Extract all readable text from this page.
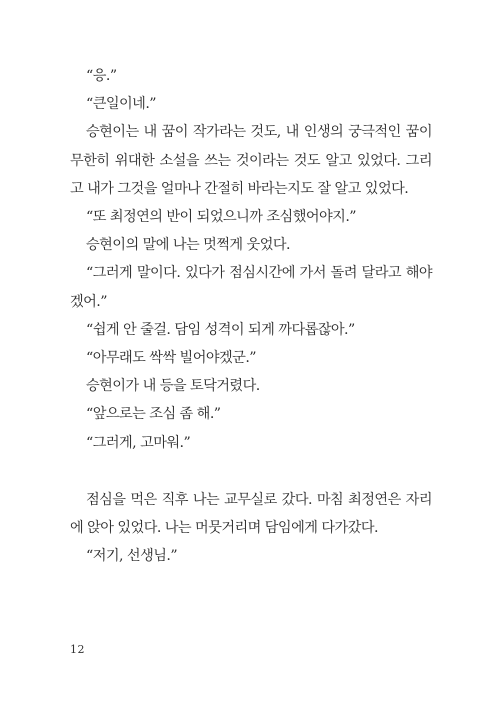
“응.”

“큰일이네.”

승현이는 내 꿈이 작가라는 것도, 내 인생의 궁극적인 꿈이 무한히 위대한 소설을 쓰는 것이라는 것도 알고 있었다. 그리고 내가 그것을 얼마나 간절히 바라는지도 잘 알고 있었다.

“또 최정연의 반이 되었으니까 조심했어야지.”

승현이의 말에 나는 멋쩍게 웃었다.

“그러게 말이다. 있다가 점심시간에 가서 돌려 달라고 해야겠어.”

“쉽게 안 줄걸. 담임 성격이 되게 까다롭잖아.”

“아무래도 싹싹 빌어야겠군.”

승현이가 내 등을 토닥거렸다.

“앞으로는 조심 좀 해.”

“그러게, 고마워.”

점심을 먹은 직후 나는 교무실로 갔다. 마침 최정연은 자리에 앉아 있었다. 나는 머뭇거리며 담임에게 다가갔다.

“저기, 선생님.”

12
